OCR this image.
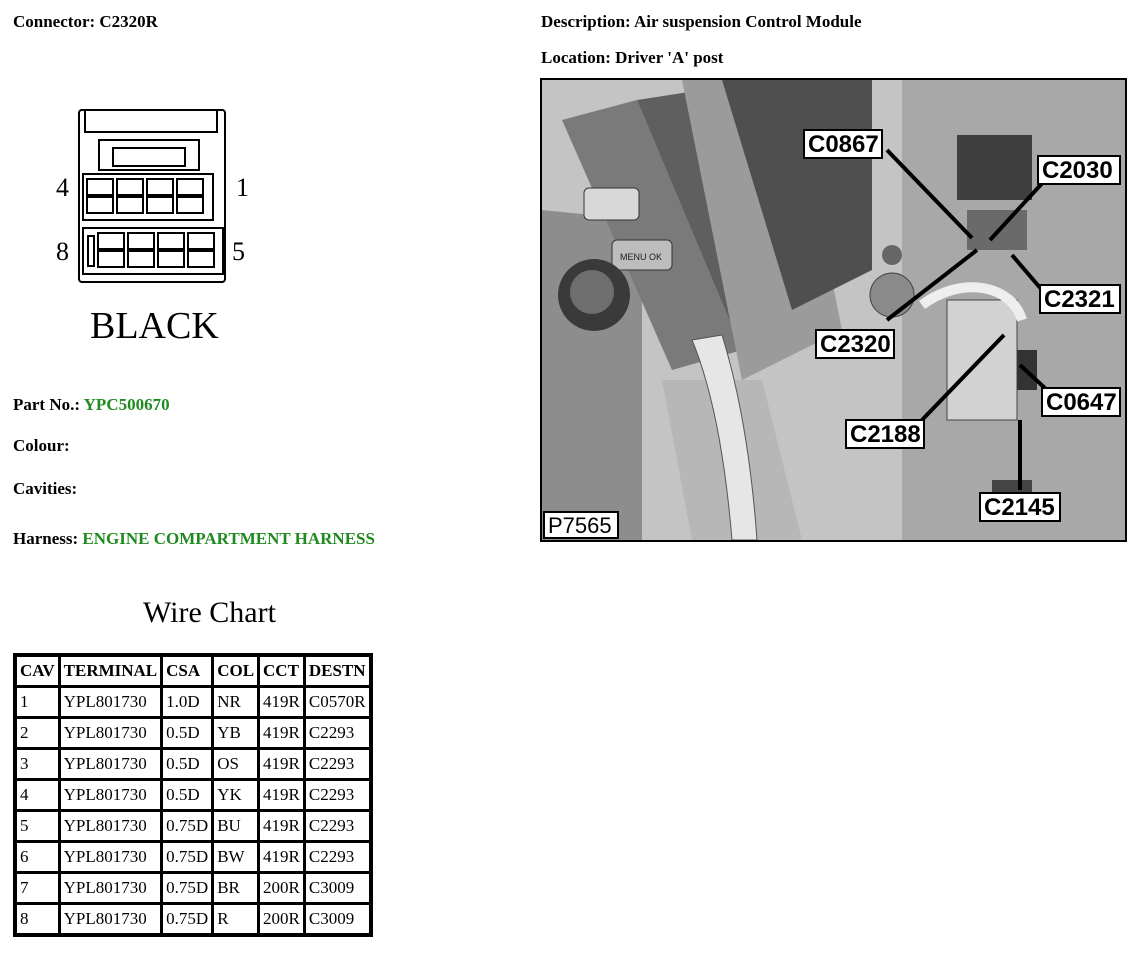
Connector: C2320R	Description: Air suspension Control Module
Location: Driver 'A' post
4	1
8	5
BLACK
Part No.: YPC500670
Colour:
Cavities:
Harness: ENGINE COMPARTMENT HARNESS
Wire Chart
CAV	TERMINAL	CSA	COL	CCT	DESTN
1	YPL801730	1.0D	NR	419R	C0570R
2	YPL801730	0.5D	YB	419R	C2293
3	YPL801730	0.5D	OS	419R	C2293
4	YPL801730	0.5D	YK	419R	C2293
5	YPL801730	0.75D	BU	419R	C2293
6	YPL801730	0.75D	BW	419R	C2293
7	YPL801730	0.75D	BR	200R	C3009
8	YPL801730	0.75D	R	200R	C3009
C0867
C2030
C2321
C2320
C0647
C2188
C2145
P7565
MENU OK
